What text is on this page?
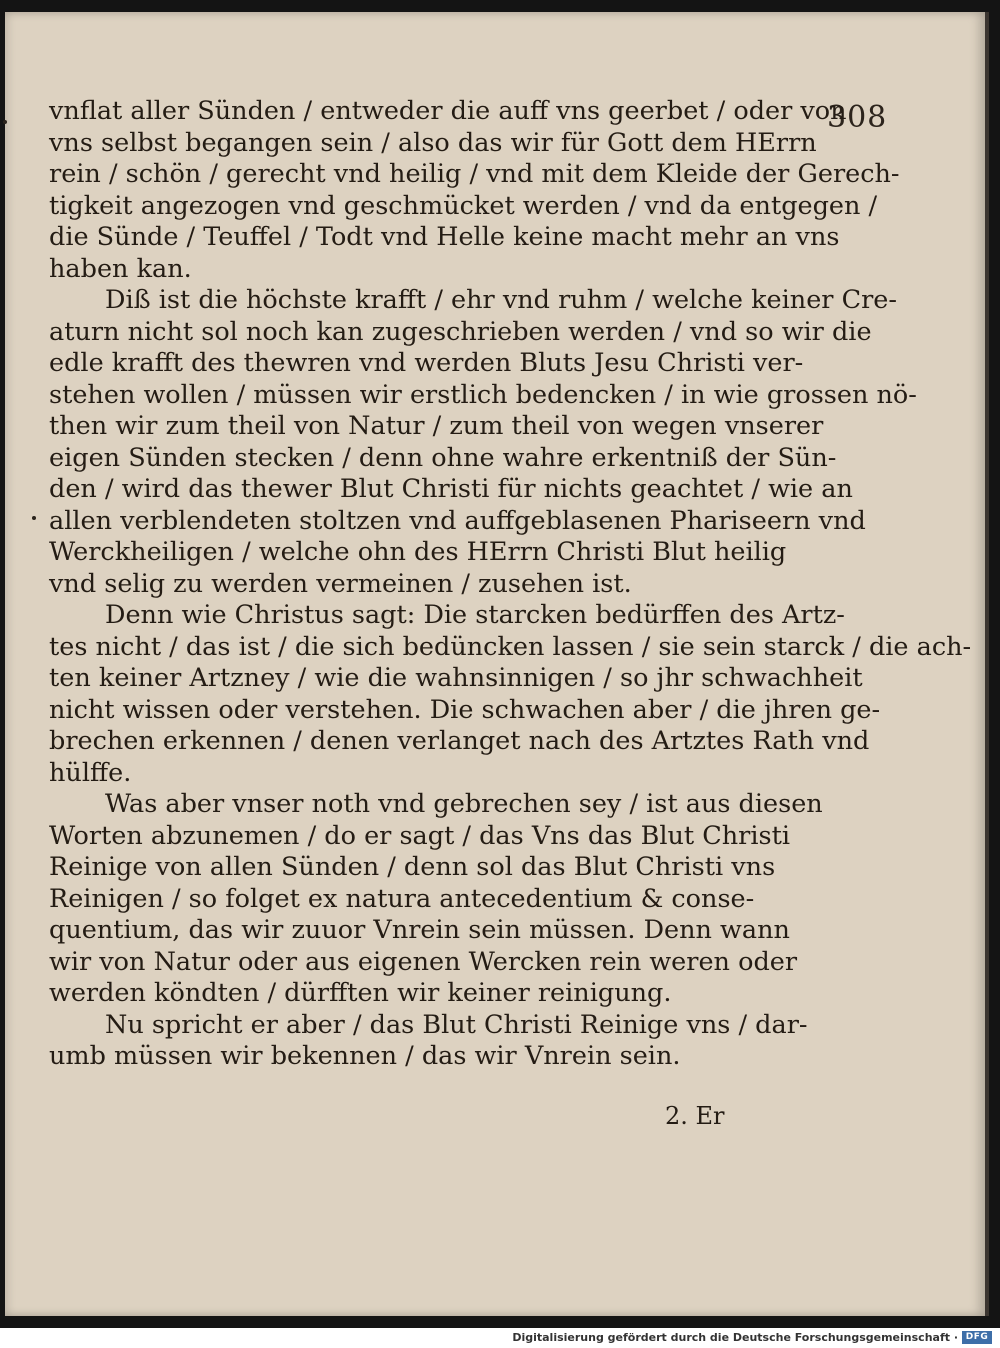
308
vnflat aller Sünden / entweder die auff vns geerbet / oder von
vns selbst begangen sein / also das wir für Gott dem HErrn
rein / schön / gerecht vnd heilig / vnd mit dem Kleide der Gerech-
tigkeit angezogen vnd geschmücket werden / vnd da entgegen /
die Sünde / Teuffel / Todt vnd Helle keine macht mehr an vns
haben kan.
Diß ist die höchste krafft / ehr vnd ruhm / welche keiner Cre-
aturn nicht sol noch kan zugeschrieben werden / vnd so wir die
edle krafft des thewren vnd werden Bluts Jesu Christi ver-
stehen wollen / müssen wir erstlich bedencken / in wie grossen nö-
then wir zum theil von Natur / zum theil von wegen vnserer
eigen Sünden stecken / denn ohne wahre erkentniß der Sün-
den / wird das thewer Blut Christi für nichts geachtet / wie an
allen verblendeten stoltzen vnd auffgeblasenen Phariseern vnd
Werckheiligen / welche ohn des HErrn Christi Blut heilig
vnd selig zu werden vermeinen / zusehen ist.
Denn wie Christus sagt: Die starcken bedürffen des Artz-
tes nicht / das ist / die sich bedüncken lassen / sie sein starck / die ach-
ten keiner Artzney / wie die wahnsinnigen / so jhr schwachheit
nicht wissen oder verstehen. Die schwachen aber / die jhren ge-
brechen erkennen / denen verlanget nach des Artztes Rath vnd
hülffe.
Was aber vnser noth vnd gebrechen sey / ist aus diesen
Worten abzunemen / do er sagt / das Vns das Blut Christi
Reinige von allen Sünden / denn sol das Blut Christi vns
Reinigen / so folget ex natura antecedentium & conse-
quentium, das wir zuuor Vnrein sein müssen. Denn wann
wir von Natur oder aus eigenen Wercken rein weren oder
werden köndten / dürfften wir keiner reinigung.
Nu spricht er aber / das Blut Christi Reinige vns / dar-
umb müssen wir bekennen / das wir Vnrein sein.
2. Er
Digitalisierung gefördert durch die Deutsche Forschungsgemeinschaft · DFG
